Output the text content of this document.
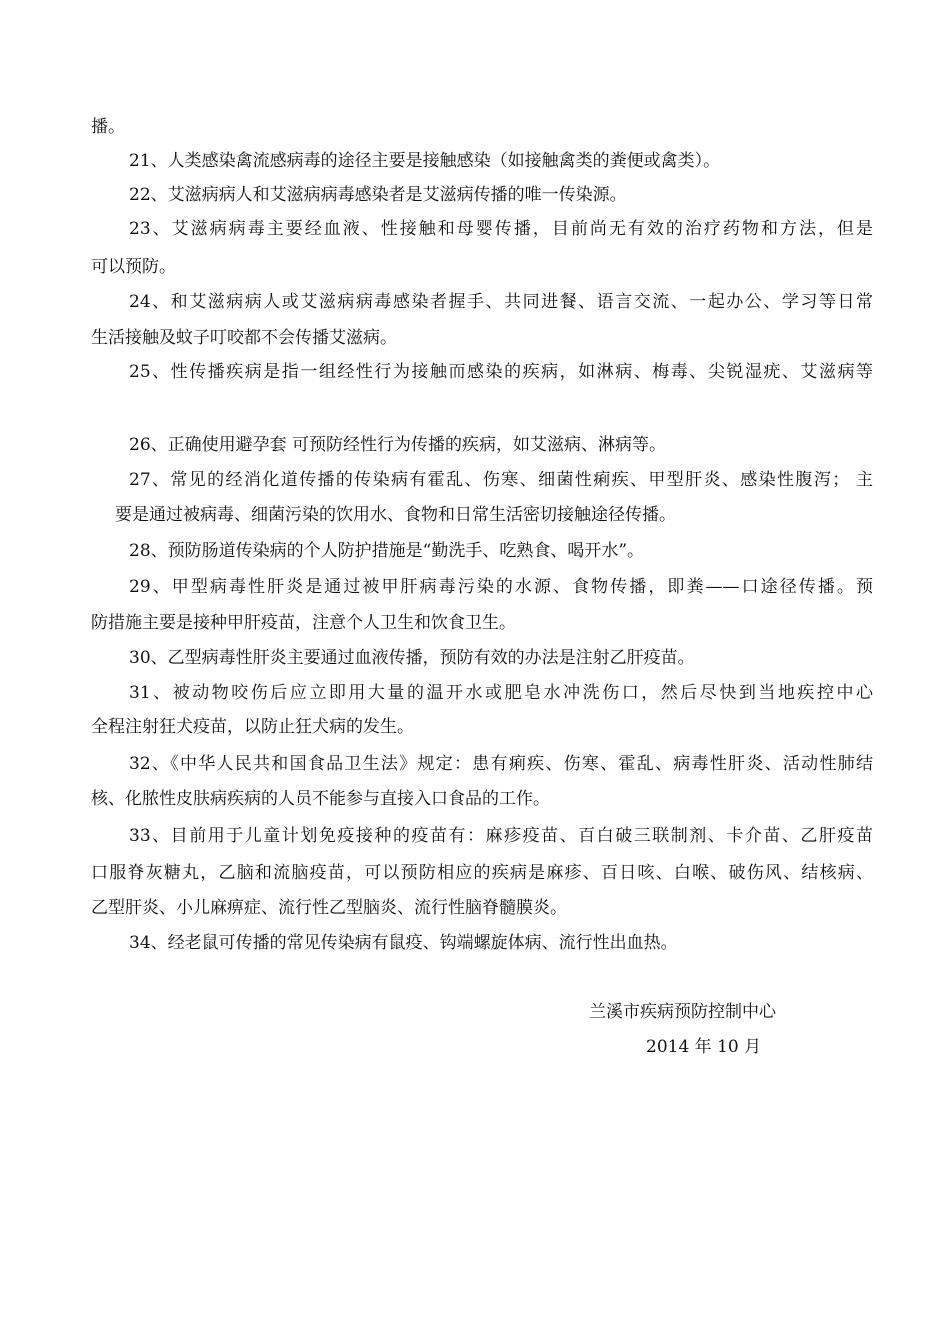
播。

21、人类感染禽流感病毒的途径主要是接触感染（如接触禽类的粪便或禽类）。

22、艾滋病病人和艾滋病病毒感染者是艾滋病传播的唯一传染源。

23、艾滋病病毒主要经血液、性接触和母婴传播，目前尚无有效的治疗药物和方法，但是

可以预防。

24、和艾滋病病人或艾滋病病毒感染者握手、共同进餐、语言交流、一起办公、学习等日常

生活接触及蚊子叮咬都不会传播艾滋病。

25、性传播疾病是指一组经性行为接触而感染的疾病，如淋病、梅毒、尖锐湿疣、艾滋病等

26、正确使用避孕套 可预防经性行为传播的疾病，如艾滋病、淋病等。

27、常见的经消化道传播的传染病有霍乱、伤寒、细菌性痢疾、甲型肝炎、感染性腹泻； 主

要是通过被病毒、细菌污染的饮用水、食物和日常生活密切接触途径传播。

28、预防肠道传染病的个人防护措施是“勤洗手、吃熟食、喝开水”。

29、甲型病毒性肝炎是通过被甲肝病毒污染的水源、食物传播，即粪——口途径传播。预

防措施主要是接种甲肝疫苗，注意个人卫生和饮食卫生。

30、乙型病毒性肝炎主要通过血液传播，预防有效的办法是注射乙肝疫苗。

31、被动物咬伤后应立即用大量的温开水或肥皂水冲洗伤口，然后尽快到当地疾控中心

全程注射狂犬疫苗，以防止狂犬病的发生。

32、《中华人民共和国食品卫生法》规定：患有痢疾、伤寒、霍乱、病毒性肝炎、活动性肺结

核、化脓性皮肤病疾病的人员不能参与直接入口食品的工作。

33、目前用于儿童计划免疫接种的疫苗有：麻疹疫苗、百白破三联制剂、卡介苗、乙肝疫苗

口服脊灰糖丸，乙脑和流脑疫苗，可以预防相应的疾病是麻疹、百日咳、白喉、破伤风、结核病、

乙型肝炎、小儿麻痹症、流行性乙型脑炎、流行性脑脊髓膜炎。

34、经老鼠可传播的常见传染病有鼠疫、钩端螺旋体病、流行性出血热。

兰溪市疾病预防控制中心
2014 年 10 月
